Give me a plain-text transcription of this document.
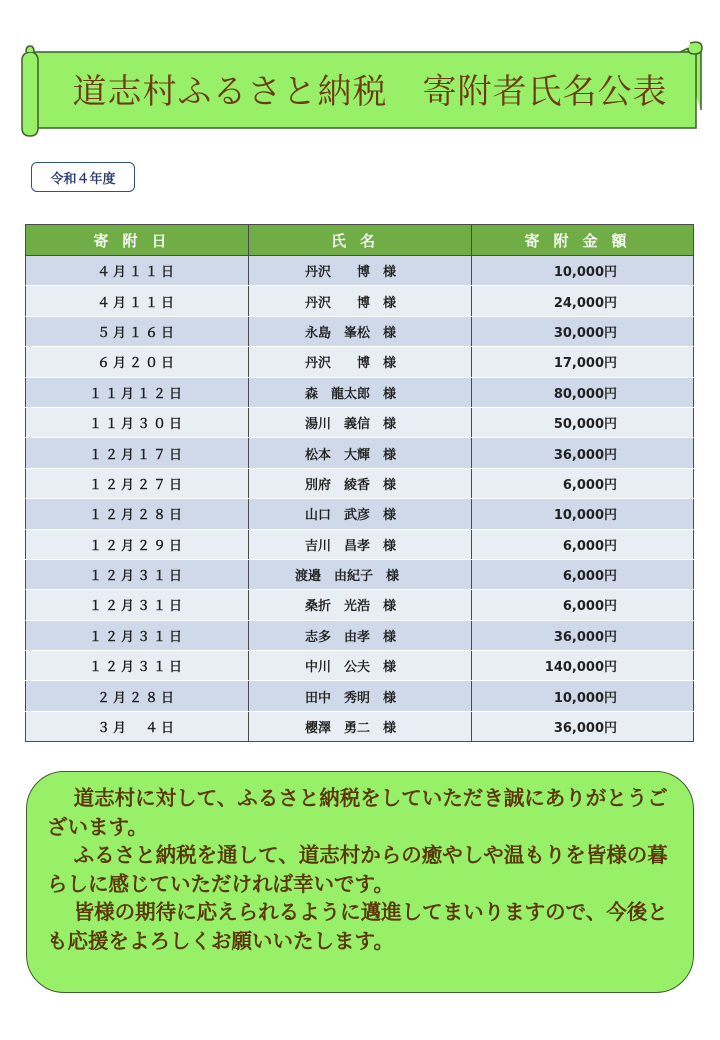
道志村ふるさと納税　寄附者氏名公表
令和４年度
寄附日	氏名	寄附金額
４月１１日	丹沢　　博　様	10,000円
４月１１日	丹沢　　博　様	24,000円
５月１６日	永島　峯松　様	30,000円
６月２０日	丹沢　　博　様	17,000円
１１月１２日	森　龍太郎　様	80,000円
１１月３０日	湯川　義信　様	50,000円
１２月１７日	松本　大輝　様	36,000円
１２月２７日	別府　綾香　様	6,000円
１２月２８日	山口　武彦　様	10,000円
１２月２９日	吉川　昌孝　様	6,000円
１２月３１日	渡邉　由紀子　様	6,000円
１２月３１日	桑折　光浩　様	6,000円
１２月３１日	志多　由孝　様	36,000円
１２月３１日	中川　公夫　様	140,000円
２月２８日	田中　秀明　様	10,000円
３月　４日	櫻澤　勇二　様	36,000円

道志村に対して、ふるさと納税をしていただき誠にありがとうございます。

ふるさと納税を通して、道志村からの癒やしや温もりを皆様の暮らしに感じていただければ幸いです。

皆様の期待に応えられるように邁進してまいりますので、今後とも応援をよろしくお願いいたします。
